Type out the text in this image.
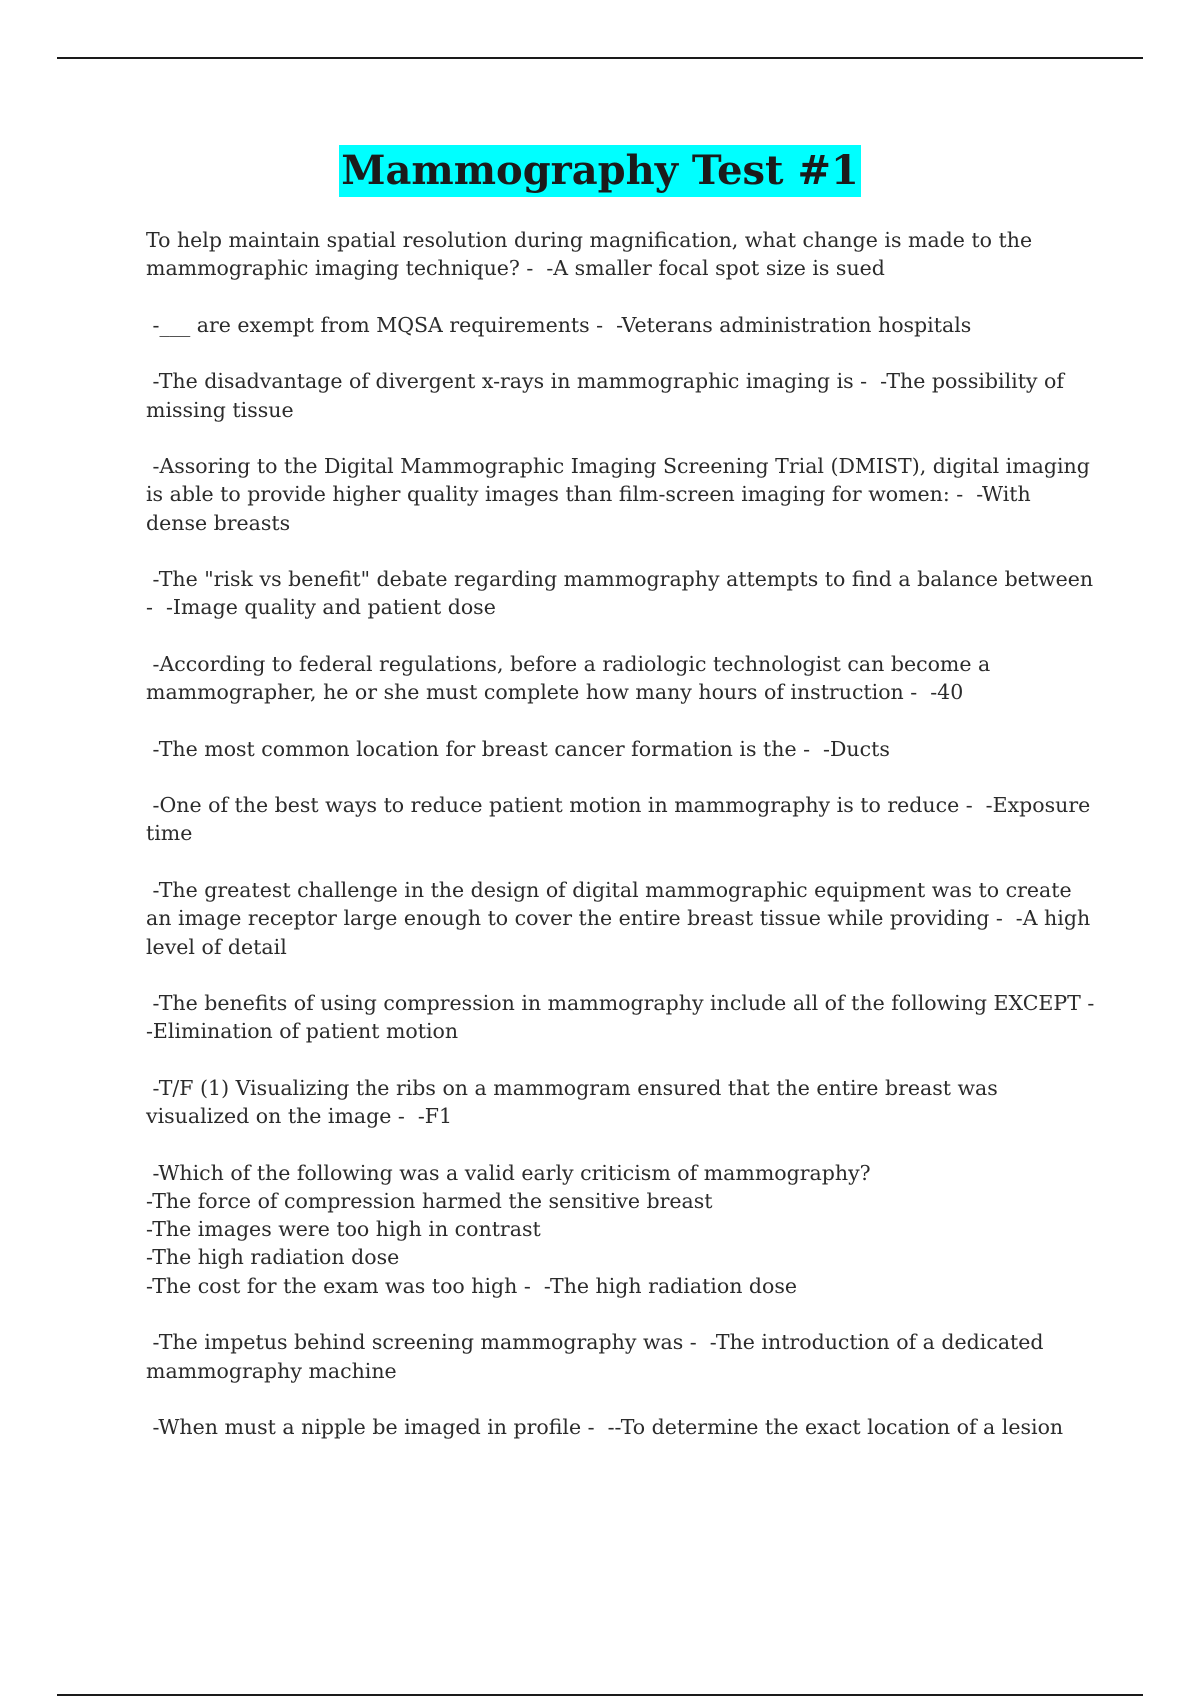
Mammography Test #1
To help maintain spatial resolution during magnification, what change is made to the mammographic imaging technique? -  -A smaller focal spot size is sued
-___ are exempt from MQSA requirements -  -Veterans administration hospitals
-The disadvantage of divergent x-rays in mammographic imaging is -  -The possibility of missing tissue
-Assoring to the Digital Mammographic Imaging Screening Trial (DMIST), digital imaging is able to provide higher quality images than film-screen imaging for women: -  -With dense breasts
-The "risk vs benefit" debate regarding mammography attempts to find a balance between -  -Image quality and patient dose
-According to federal regulations, before a radiologic technologist can become a mammographer, he or she must complete how many hours of instruction -  -40
-The most common location for breast cancer formation is the -  -Ducts
-One of the best ways to reduce patient motion in mammography is to reduce -  -Exposure time
-The greatest challenge in the design of digital mammographic equipment was to create an image receptor large enough to cover the entire breast tissue while providing -  -A high level of detail
-The benefits of using compression in mammography include all of the following EXCEPT -  -Elimination of patient motion
-T/F (1) Visualizing the ribs on a mammogram ensured that the entire breast was visualized on the image -  -F1
-Which of the following was a valid early criticism of mammography?
-The force of compression harmed the sensitive breast
-The images were too high in contrast
-The high radiation dose
-The cost for the exam was too high -  -The high radiation dose
-The impetus behind screening mammography was -  -The introduction of a dedicated mammography machine
-When must a nipple be imaged in profile -  --To determine the exact location of a lesion
